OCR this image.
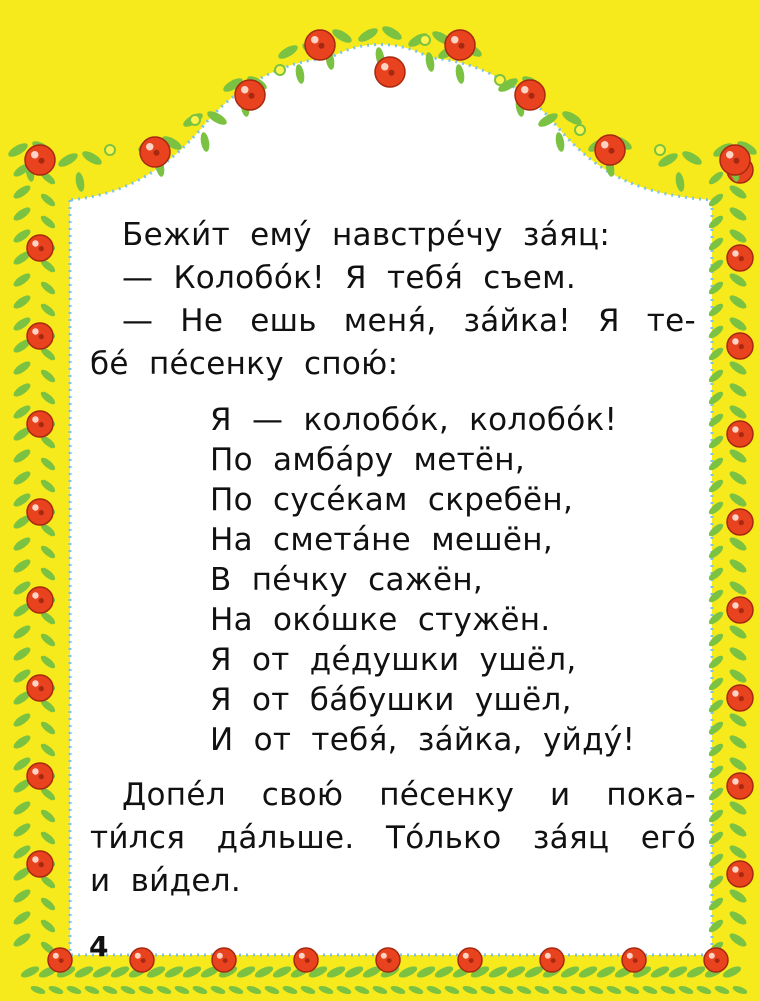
Бежи́т ему́ навстре́чу за́яц:
— Колобо́к! Я тебя́ съем.
— Не ешь меня́, за́йка! Я те-
бе́ пе́сенку спою́:
Я — колобо́к, колобо́к!
По амба́ру метён,
По сусе́кам скребён,
На смета́не мешён,
В пе́чку сажён,
На око́шке стужён.
Я от де́душки ушёл,
Я от ба́бушки ушёл,
И от тебя́, за́йка, уйду́!
Допе́л свою́ пе́сенку и пока-
ти́лся да́льше. То́лько за́яц его́
и ви́дел.
4
